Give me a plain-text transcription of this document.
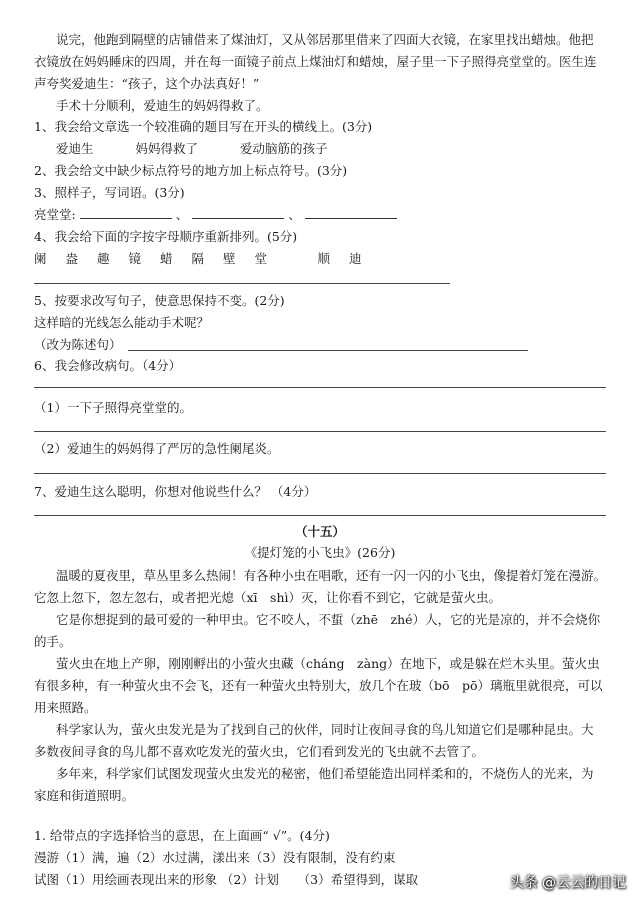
说完，他跑到隔壁的店铺借来了煤油灯，又从邻居那里借来了四面大衣镜，在家里找出蜡烛。他把
衣镜放在妈妈睡床的四周，并在每一面镜子前点上煤油灯和蜡烛，屋子里一下子照得亮堂堂的。医生连
声夸奖爱迪生：“孩子，这个办法真好！”
手术十分顺利，爱迪生的妈妈得救了。
1、我会给文章选一个较准确的题目写在开头的横线上。(3分)
爱迪生	妈妈得救了	爱动脑筋的孩子
2、我会给文中缺少标点符号的地方加上标点符号。(3分)
3、照样子，写词语。(3分)
亮堂堂:	、	、
4、我会给下面的字按字母顺序重新排列。(5分)
阑 盎 趣 镜 蜡 隔 壁 堂	顺 迪
5、按要求改写句子，使意思保持不变。(2分)
这样暗的光线怎么能动手术呢？
（改为陈述句）
6、我会修改病句。（4分）
（1）一下子照得亮堂堂的。
（2）爱迪生的妈妈得了严厉的急性阑尾炎。
7、爱迪生这么聪明，你想对他说些什么？ （4分）
（十五）
《提灯笼的小飞虫》(26分)
温暖的夏夜里，草丛里多么热闹！有各种小虫在唱歌，还有一闪一闪的小飞虫，像提着灯笼在漫游。
它忽上忽下，忽左忽右，或者把光熄（xī　shì）灭，让你看不到它，它就是萤火虫。
它是你想捉到的最可爱的一种甲虫。它不咬人，不蜇（zhē　zhé）人，它的光是凉的，并不会烧你
的手。
萤火虫在地上产卵，刚刚孵出的小萤火虫藏（cháng　zàng）在地下，或是躲在烂木头里。萤火虫
有很多种，有一种萤火虫不会飞，还有一种萤火虫特别大，放几个在玻（bō　pō）璃瓶里就很亮，可以
用来照路。
科学家认为，萤火虫发光是为了找到自己的伙伴，同时让夜间寻食的鸟儿知道它们是哪种昆虫。大
多数夜间寻食的鸟儿都不喜欢吃发光的萤火虫，它们看到发光的飞虫就不去管了。
多年来，科学家们试图发现萤火虫发光的秘密，他们希望能造出同样柔和的，不烧伤人的光来，为
家庭和街道照明。
1. 给带点的字选择恰当的意思，在上面画“ √”。(4分)
漫游（1）满，遍（2）水过满，漾出来（3）没有限制，没有约束
试图（1）用绘画表现出来的形象 （2）计划　　（3）希望得到，谋取	头条 @云云的日记
